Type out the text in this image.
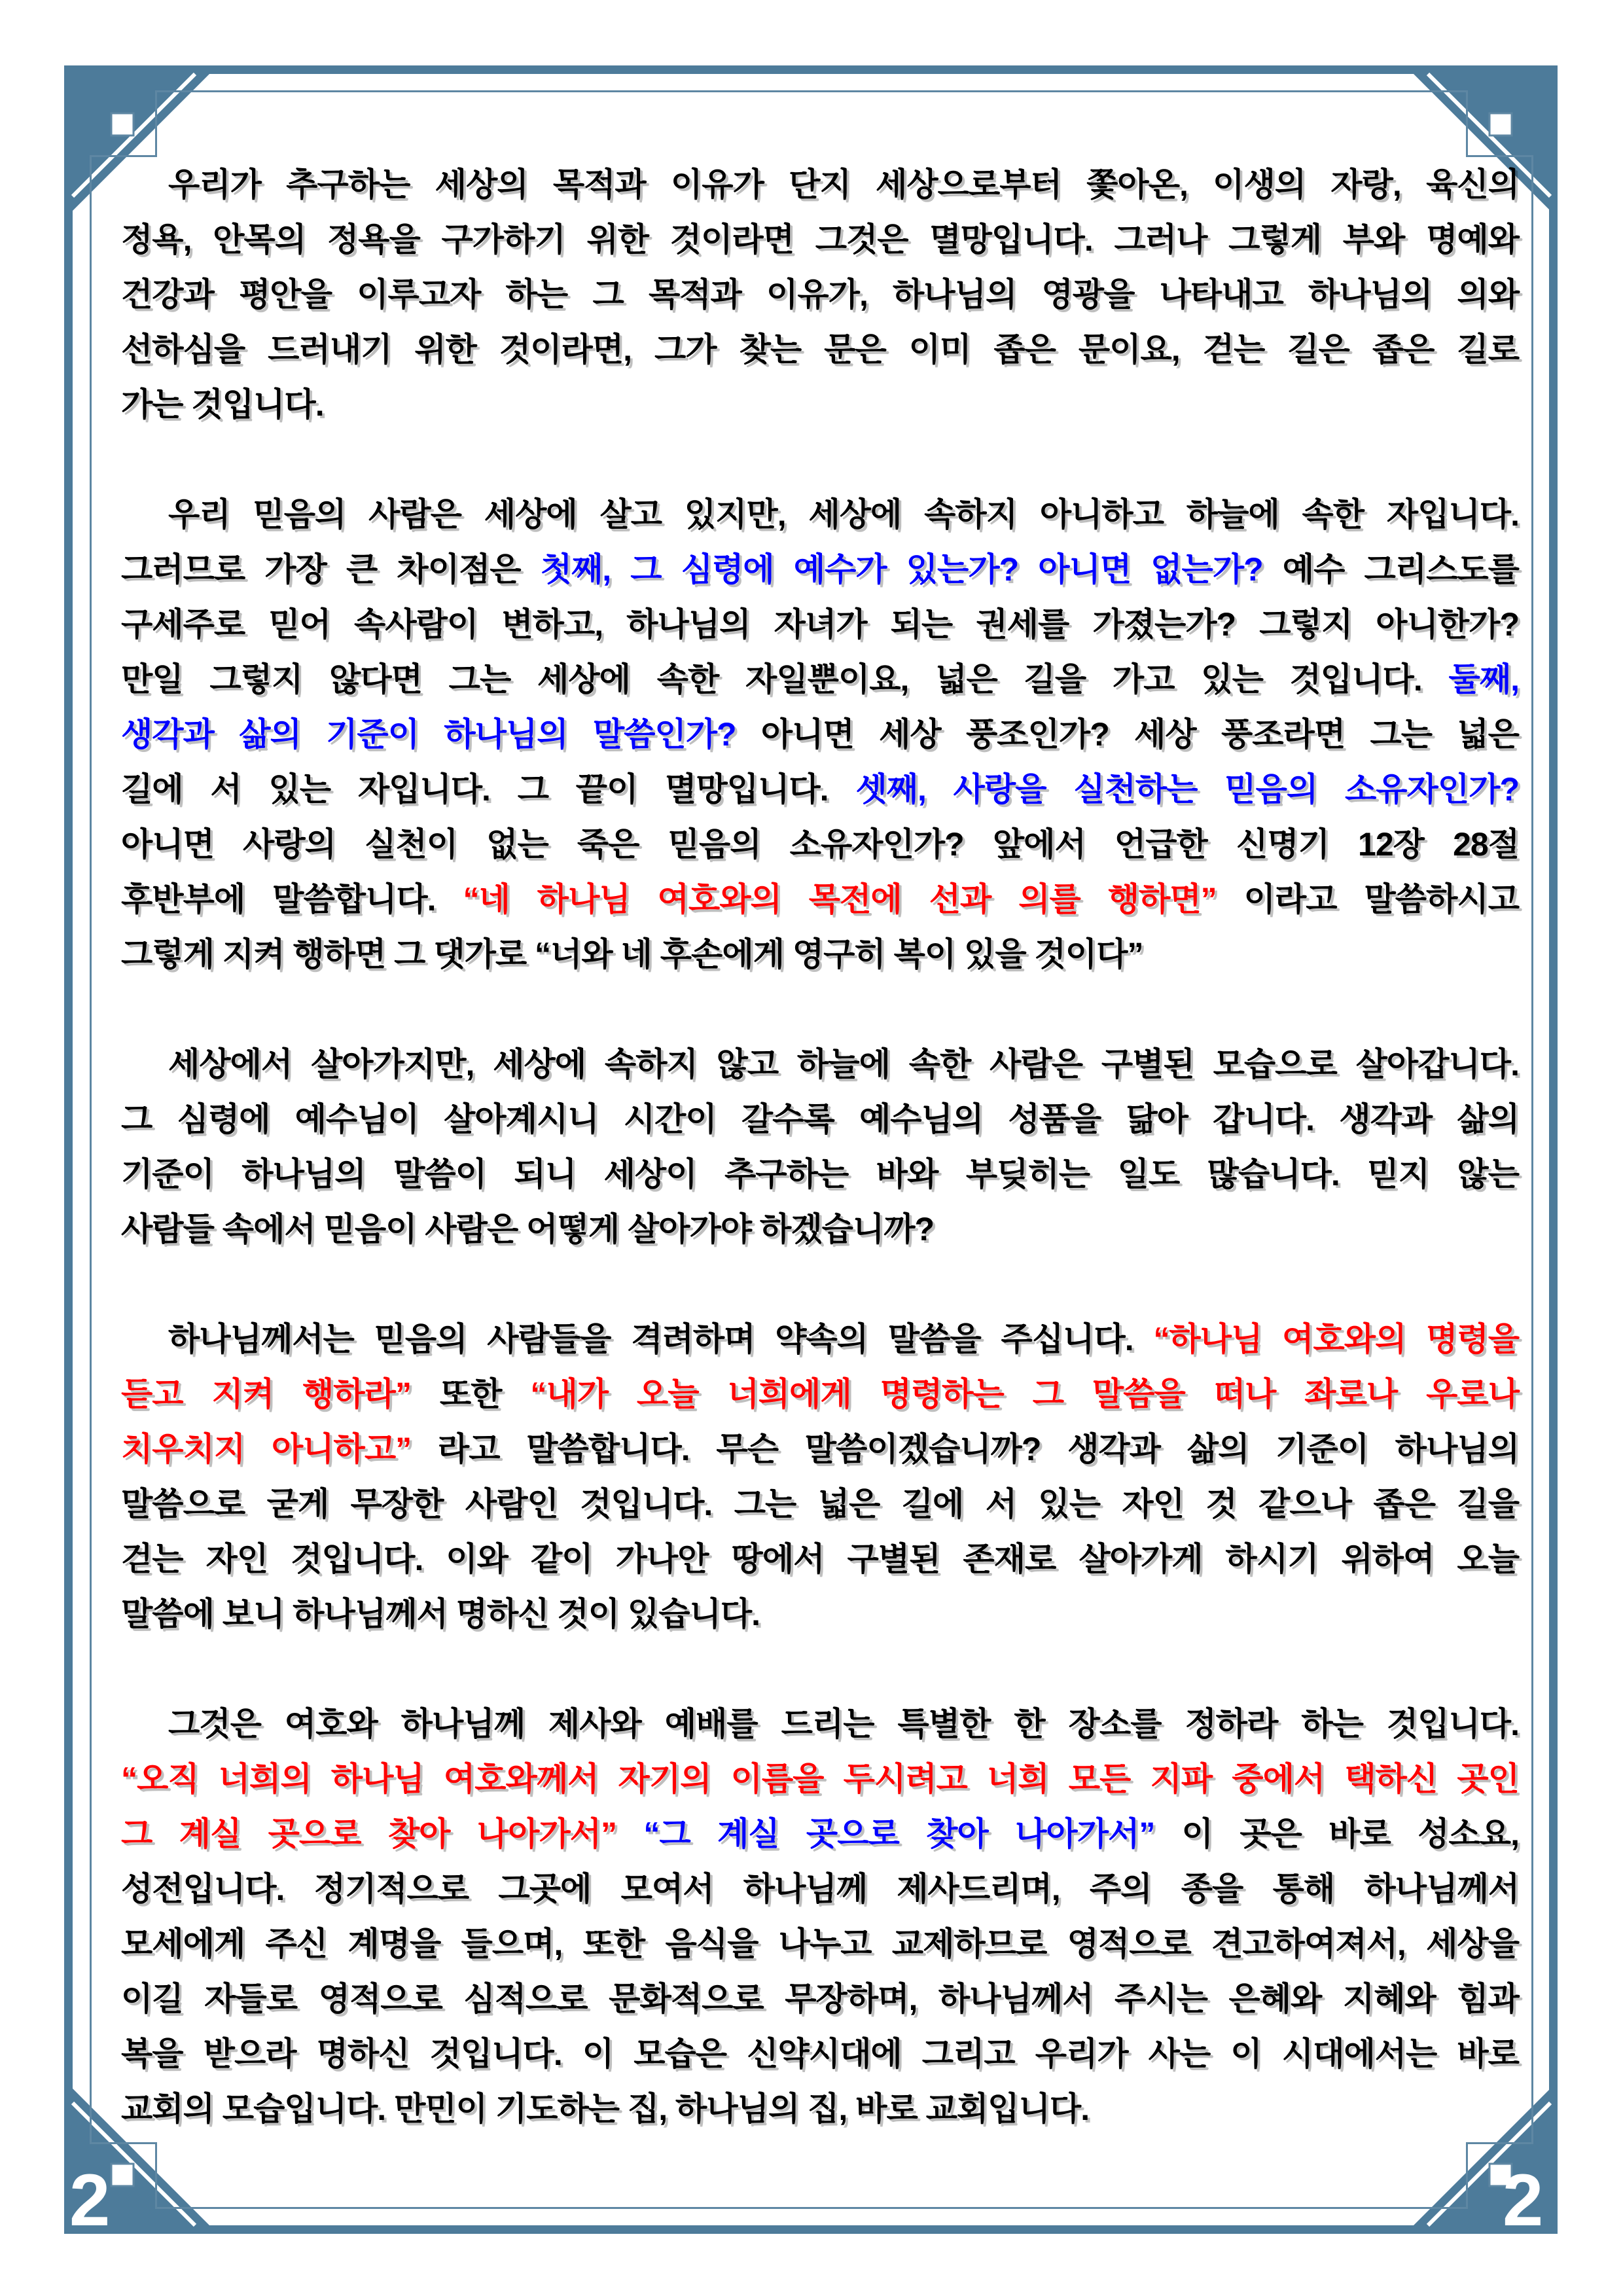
2	2
우리가 추구하는 세상의 목적과 이유가 단지 세상으로부터 쫓아온, 이생의 자랑, 육신의
정욕, 안목의 정욕을 구가하기 위한 것이라면 그것은 멸망입니다. 그러나 그렇게 부와 명예와
건강과 평안을 이루고자 하는 그 목적과 이유가, 하나님의 영광을 나타내고 하나님의 의와
선하심을 드러내기 위한 것이라면, 그가 찾는 문은 이미 좁은 문이요, 걷는 길은 좁은 길로
가는 것입니다.
우리 믿음의 사람은 세상에 살고 있지만, 세상에 속하지 아니하고 하늘에 속한 자입니다.
그러므로 가장 큰 차이점은 첫째, 그 심령에 예수가 있는가? 아니면 없는가? 예수 그리스도를
구세주로 믿어 속사람이 변하고, 하나님의 자녀가 되는 권세를 가졌는가? 그렇지 아니한가?
만일 그렇지 않다면 그는 세상에 속한 자일뿐이요, 넓은 길을 가고 있는 것입니다. 둘째,
생각과 삶의 기준이 하나님의 말씀인가? 아니면 세상 풍조인가? 세상 풍조라면 그는 넓은
길에 서 있는 자입니다. 그 끝이 멸망입니다. 셋째, 사랑을 실천하는 믿음의 소유자인가?
아니면 사랑의 실천이 없는 죽은 믿음의 소유자인가? 앞에서 언급한 신명기 12장 28절
후반부에 말씀합니다. “네 하나님 여호와의 목전에 선과 의를 행하면” 이라고 말씀하시고
그렇게 지켜 행하면 그 댓가로 “너와 네 후손에게 영구히 복이 있을 것이다”
세상에서 살아가지만, 세상에 속하지 않고 하늘에 속한 사람은 구별된 모습으로 살아갑니다.
그 심령에 예수님이 살아계시니 시간이 갈수록 예수님의 성품을 닮아 갑니다. 생각과 삶의
기준이 하나님의 말씀이 되니 세상이 추구하는 바와 부딪히는 일도 많습니다. 믿지 않는
사람들 속에서 믿음이 사람은 어떻게 살아가야 하겠습니까?
하나님께서는 믿음의 사람들을 격려하며 약속의 말씀을 주십니다. “하나님 여호와의 명령을
듣고 지켜 행하라” 또한 “내가 오늘 너희에게 명령하는 그 말씀을 떠나 좌로나 우로나
치우치지 아니하고” 라고 말씀합니다. 무슨 말씀이겠습니까? 생각과 삶의 기준이 하나님의
말씀으로 굳게 무장한 사람인 것입니다. 그는 넓은 길에 서 있는 자인 것 같으나 좁은 길을
걷는 자인 것입니다. 이와 같이 가나안 땅에서 구별된 존재로 살아가게 하시기 위하여 오늘
말씀에 보니 하나님께서 명하신 것이 있습니다.
그것은 여호와 하나님께 제사와 예배를 드리는 특별한 한 장소를 정하라 하는 것입니다.
“오직 너희의 하나님 여호와께서 자기의 이름을 두시려고 너희 모든 지파 중에서 택하신 곳인
그 계실 곳으로 찾아 나아가서” “그 계실 곳으로 찾아 나아가서” 이 곳은 바로 성소요,
성전입니다. 정기적으로 그곳에 모여서 하나님께 제사드리며, 주의 종을 통해 하나님께서
모세에게 주신 계명을 들으며, 또한 음식을 나누고 교제하므로 영적으로 견고하여져서, 세상을
이길 자들로 영적으로 심적으로 문화적으로 무장하며, 하나님께서 주시는 은혜와 지혜와 힘과
복을 받으라 명하신 것입니다. 이 모습은 신약시대에 그리고 우리가 사는 이 시대에서는 바로
교회의 모습입니다. 만민이 기도하는 집, 하나님의 집, 바로 교회입니다.
